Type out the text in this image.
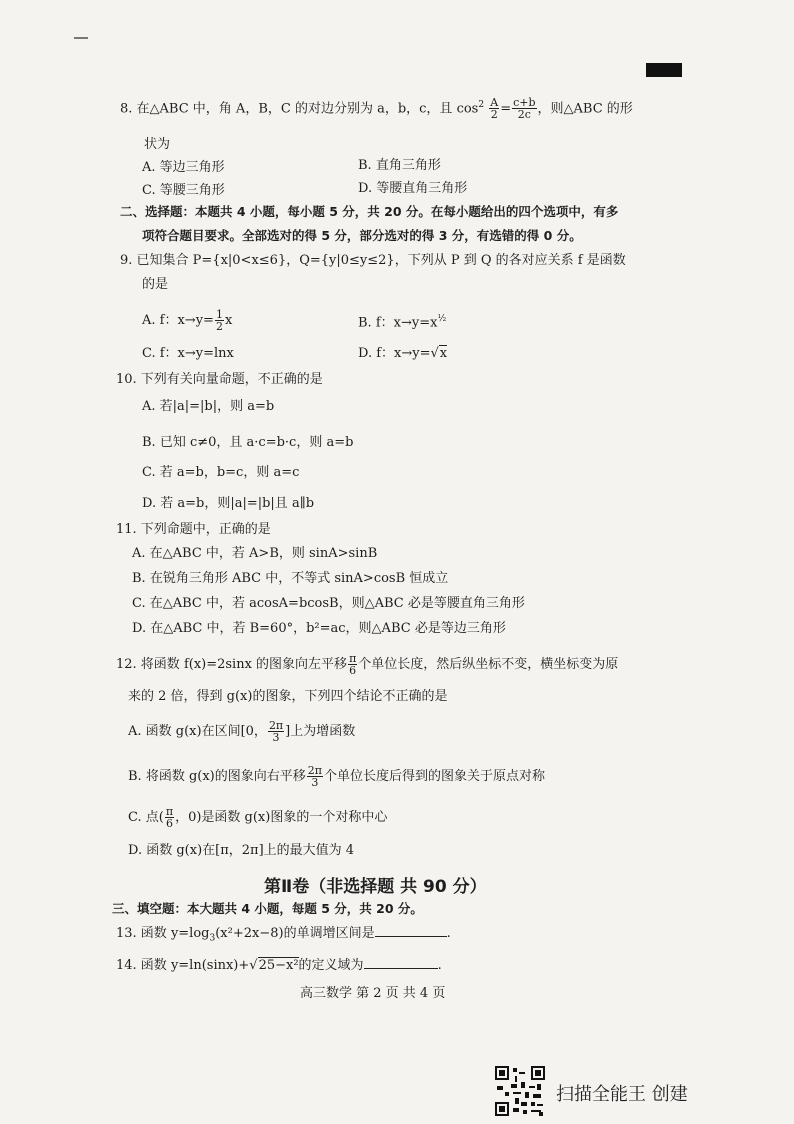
8. 在△ABC 中，角 A，B，C 的对边分别为 a，b，c，且 $\cos^2 \frac{A}{2} = \frac{c+b}{2c}$ ，则△ABC 的形
状为
A. 等边三角形	B. 直角三角形
C. 等腰三角形	D. 等腰直角三角形
二、选择题：本题共 4 小题，每小题 5 分，共 20 分。在每小题给出的四个选项中，有多
项符合题目要求。全部选对的得 5 分，部分选对的得 3 分，有选错的得 0 分。
9. 已知集合 P={x|0<x≤6}，Q={y|0≤y≤2}，下列从 P 到 Q 的各对应关系 f 是函数
的是
A. f：$x\to y= \frac{1}{2}$ x	B. f：$x\to y=x^{\frac{1}{2}}$
C. f：x→y=lnx	D. f：x→y=√x
10. 下列有关向量命题，不正确的是
A. 若|a|=|b|，则 a=b
B. 已知 c≠0，且 a·c=b·c，则 a=b
C. 若 a=b，b=c，则 a=c
D. 若 a=b，则|a|=|b|且 a∥b
11. 下列命题中，正确的是
A. 在△ABC 中，若 A>B，则 sinA>sinB
B. 在锐角三角形 ABC 中，不等式 sinA>cosB 恒成立
C. 在△ABC 中，若 acosA=bcosB，则△ABC 必是等腰直角三角形
D. 在△ABC 中，若 B=60°，b²=ac，则△ABC 必是等边三角形
12. 将函数 f(x)=2sinx 的图象向左平移 $\frac{\pi}{6}$ 个单位长度，然后纵坐标不变，横坐标变为原
来的 2 倍，得到 g(x)的图象，下列四个结论不正确的是
A. 函数 g(x)在区间[0， $\frac{2\pi}{3}$ ]上为增函数
B. 将函数 g(x)的图象向右平移 $\frac{2\pi}{3}$ 个单位长度后得到的图象关于原点对称
C. 点( $\frac{\pi}{6}$ ，0)是函数 g(x)图象的一个对称中心
D. 函数 g(x)在[π，2π]上的最大值为 4
第Ⅱ卷（非选择题 共 90 分）
三、填空题：本大题共 4 小题，每题 5 分，共 20 分。
13. 函数 $y=\log_3(x^2+2x-8)$的单调增区间是	.
14. 函数 y=ln(sinx)+√25−x²的定义域为	.
高三数学 第 2 页 共 4 页
扫描全能王 创建
